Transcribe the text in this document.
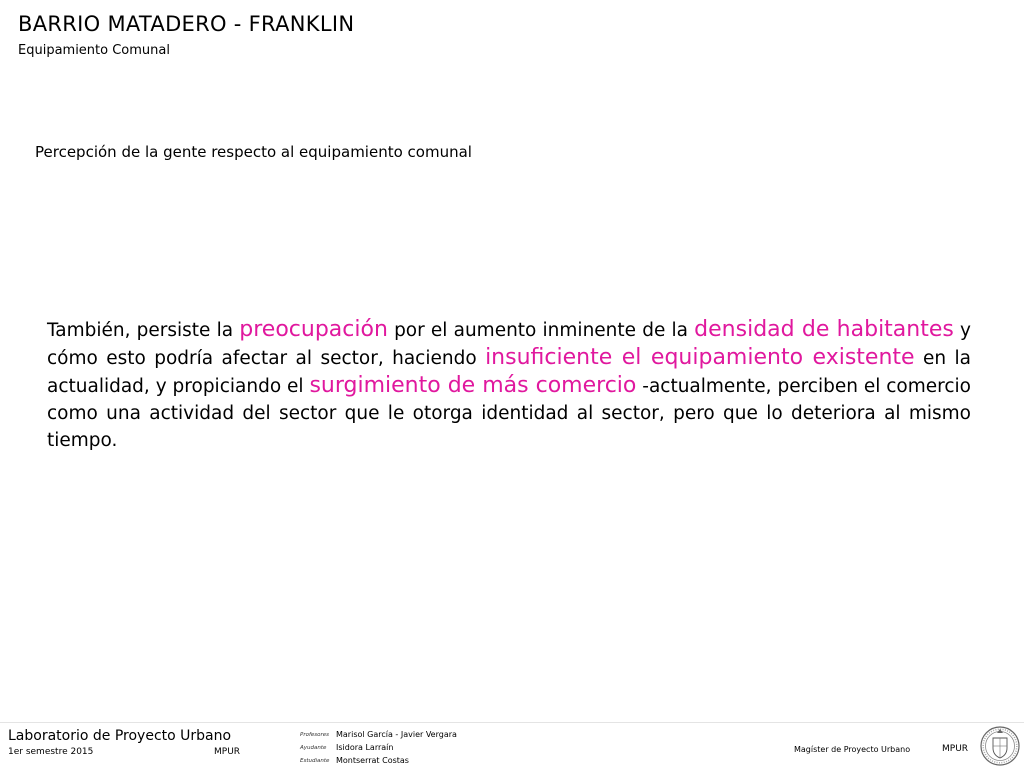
BARRIO MATADERO - FRANKLIN
Equipamiento Comunal
Percepción de la gente respecto al equipamiento comunal

También, persiste la preocupación por el aumento inminente de la densidad de habitantes y cómo esto podría afectar al sector, haciendo insuficiente el equipamiento existente en la actualidad, y propiciando el surgimiento de más comercio -actualmente, perciben el comercio como una actividad del sector que le otorga identidad al sector, pero que lo deteriora al mismo tiempo.

Laboratorio de Proyecto Urbano
1er semestre 2015	MPUR
Profesores Marisol García - Javier Vergara
Ayudante	Isidora Larraín
Estudiante Montserrat Costas
Magíster de Proyecto Urbano	MPUR
